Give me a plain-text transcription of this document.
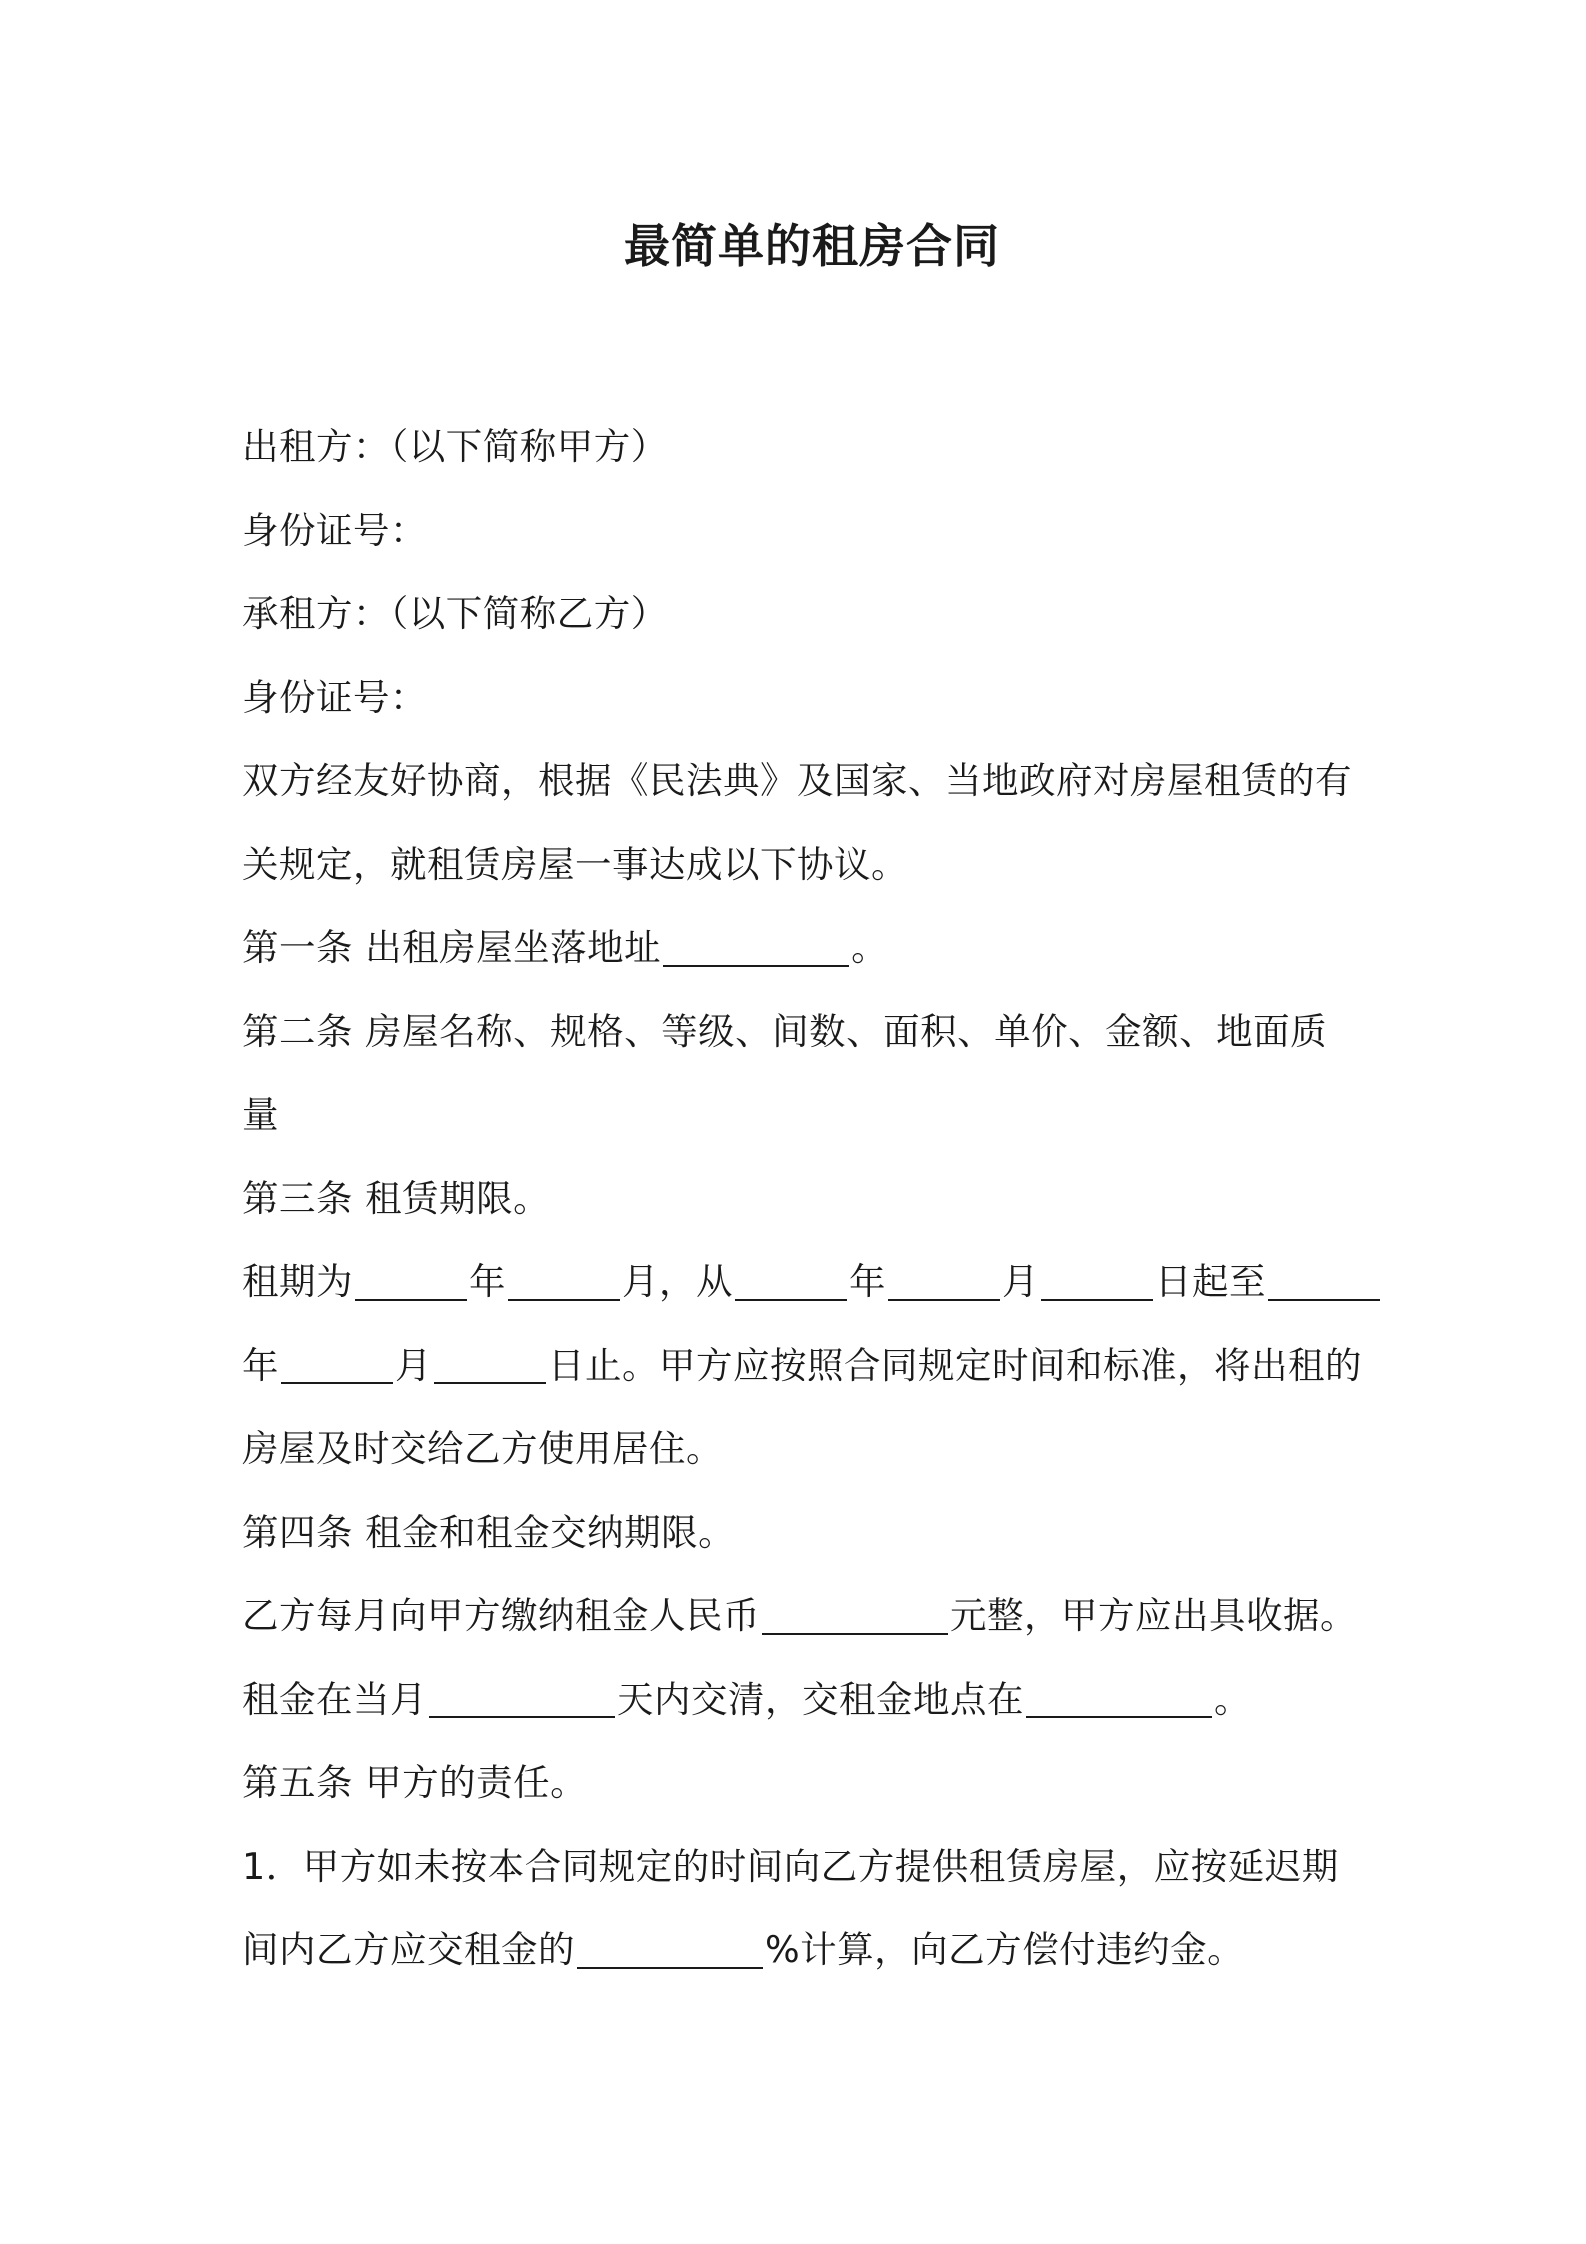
最简单的租房合同
出租方：（以下简称甲方）
身份证号：
承租方：（以下简称乙方）
身份证号：
双方经友好协商，根据《民法典》及国家、当地政府对房屋租赁的有
关规定，就租赁房屋一事达成以下协议。
第一条 出租房屋坐落地址	。
第二条 房屋名称、规格、等级、间数、面积、单价、金额、地面质
量
第三条 租赁期限。
租期为	年	月，从	年	月	日起至
年	月	日止。甲方应按照合同规定时间和标准，将出租的
房屋及时交给乙方使用居住。
第四条 租金和租金交纳期限。
乙方每月向甲方缴纳租金人民币	元整，甲方应出具收据。
租金在当月	天内交清，交租金地点在	。
第五条 甲方的责任。
1．甲方如未按本合同规定的时间向乙方提供租赁房屋，应按延迟期
间内乙方应交租金的	%计算，向乙方偿付违约金。
